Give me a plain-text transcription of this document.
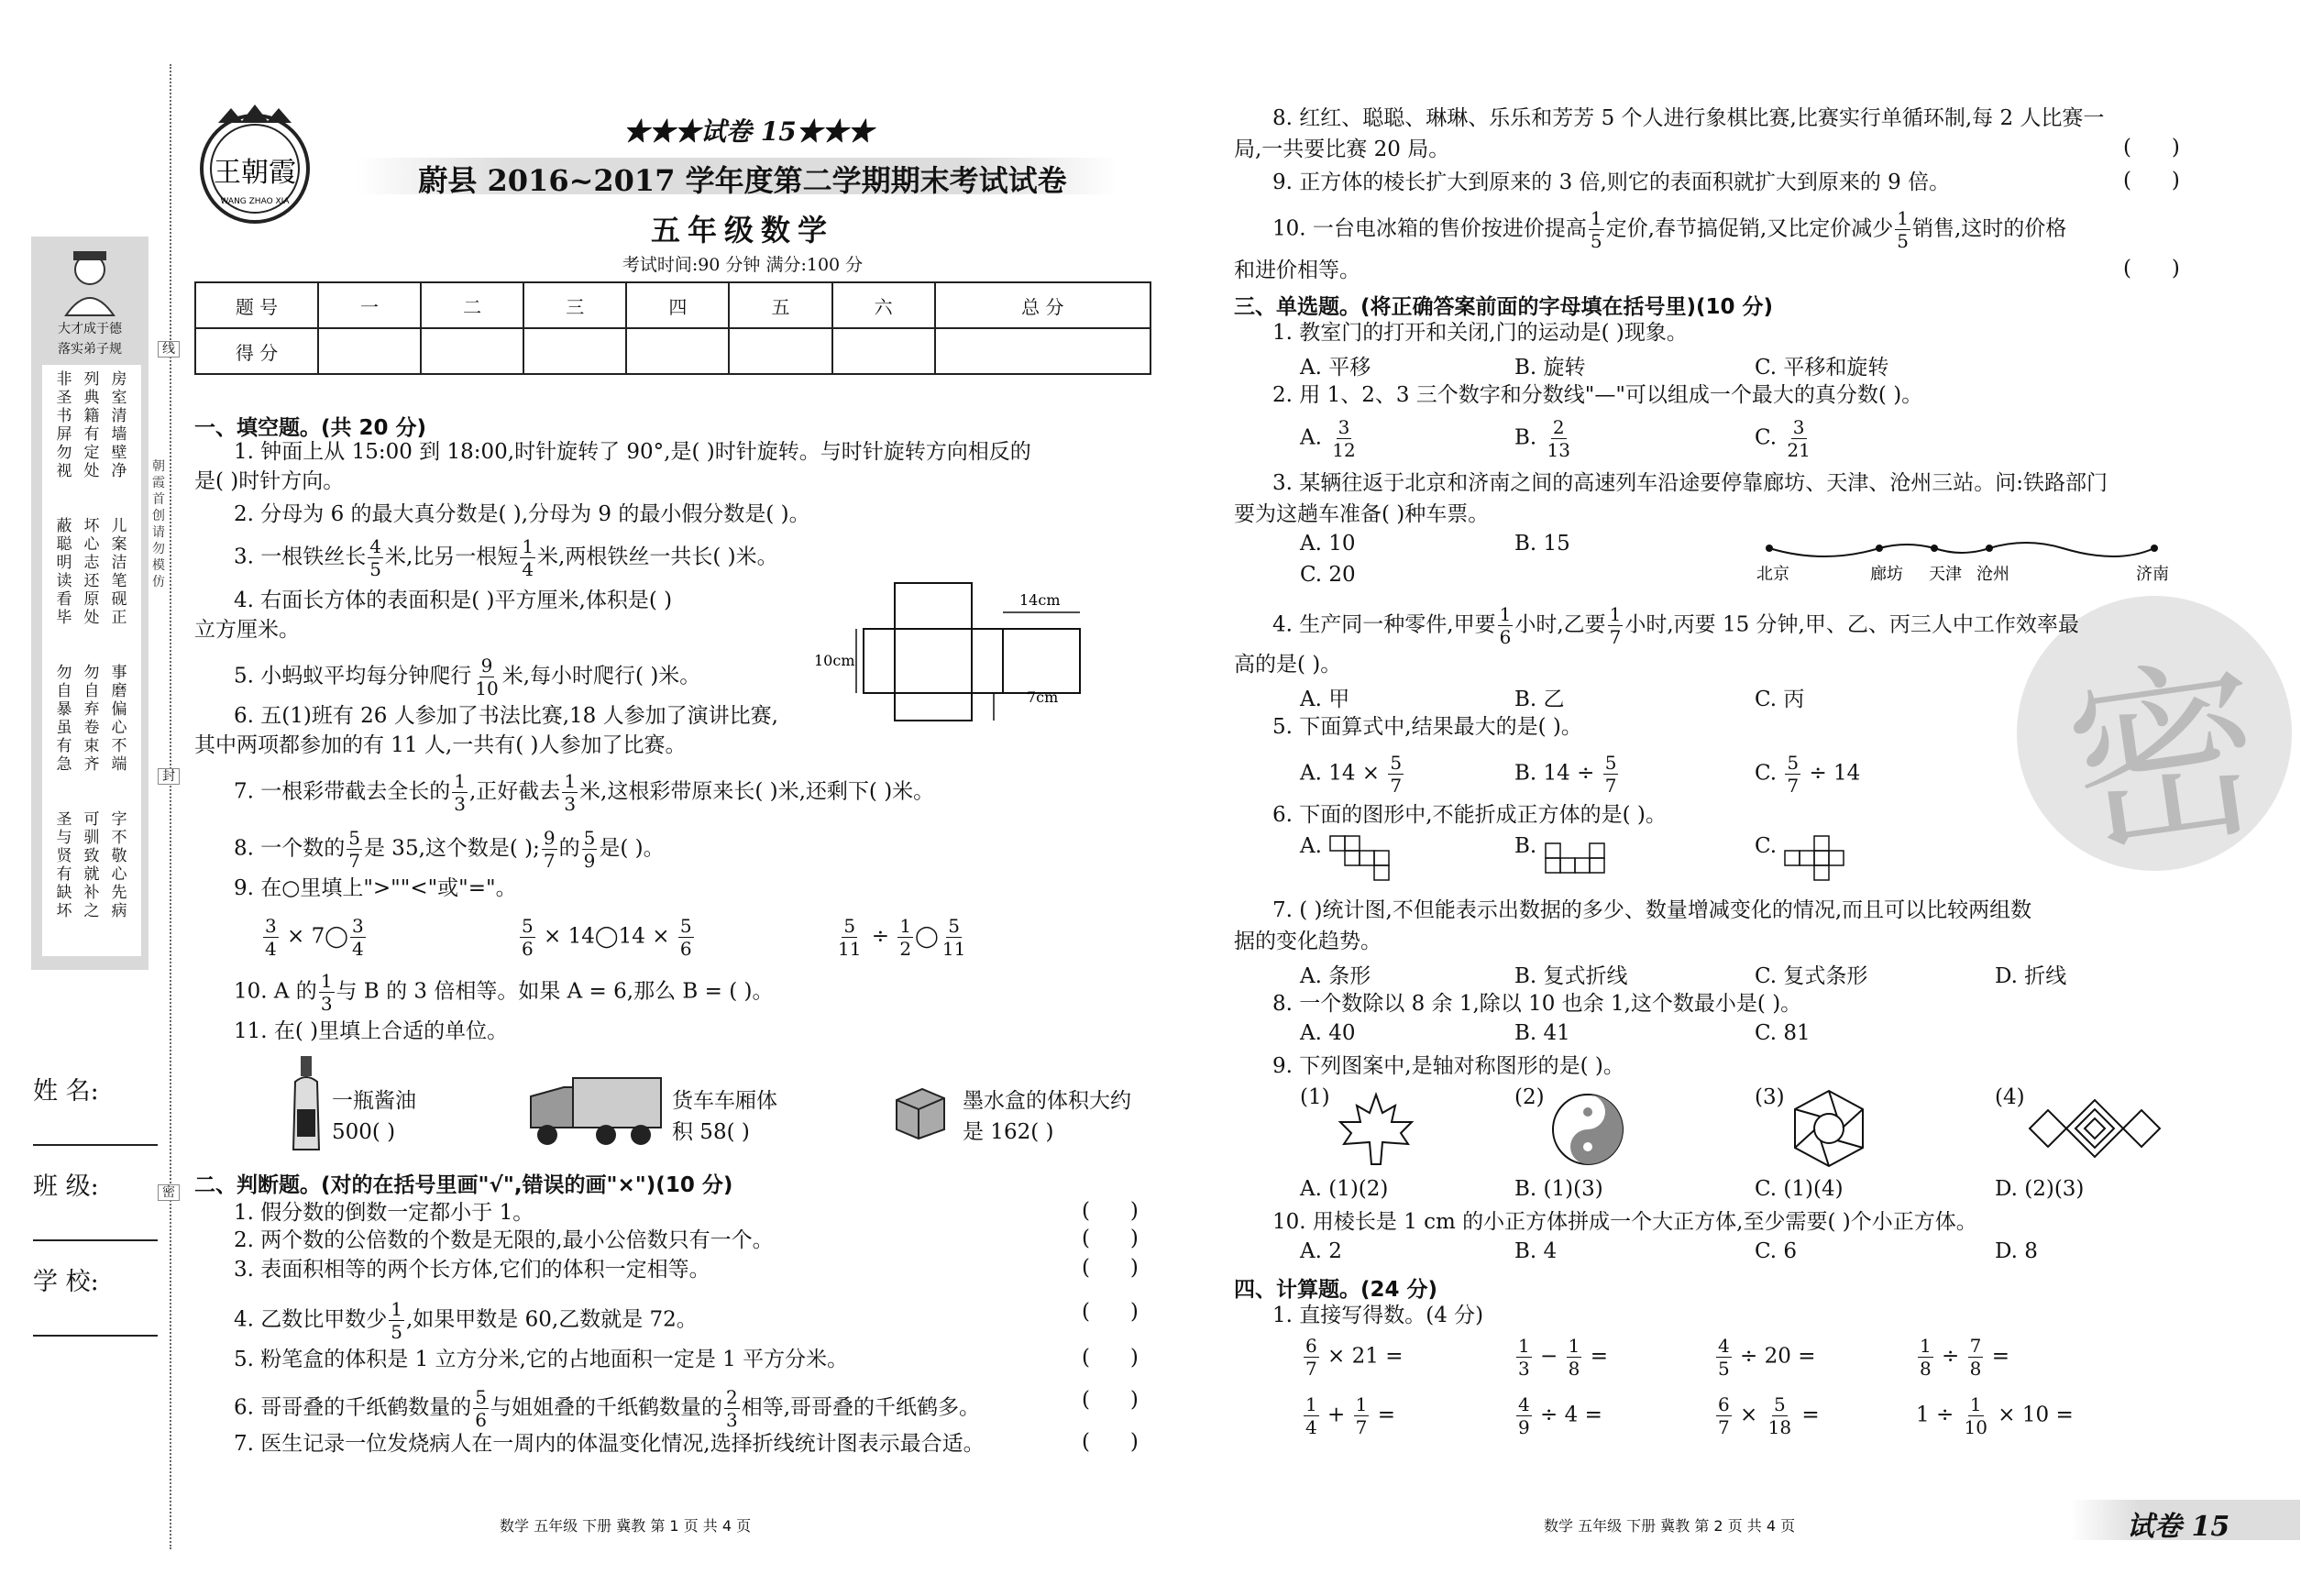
线
封
密
朝霞首创 请勿模仿
大才成于德
落实弟子规
非圣书屏勿视
列典籍有定处
房室清墙壁净
蔽聪明读看毕
坏心志还原处
儿案洁笔砚正
勿自暴虽有急
勿自弃卷束齐
事磨偏心不端
圣与贤有缺坏
可驯致就补之
字不敬心先病
姓 名:
班 级:
学 校:
王朝霞
WANG ZHAO XIA
★★★试卷 15★★★
蔚县 2016~2017 学年度第二学期期末考试试卷
五年级数学
考试时间:90 分钟 满分:100 分
题 号	一	二	三	四	五	六	总 分
得 分							
一、填空题。(共 20 分)
1. 钟面上从 15:00 到 18:00,时针旋转了 90°,是( )时针旋转。与时针旋转方向相反的
是( )时针方向。
2. 分母为 6 的最大真分数是( ),分母为 9 的最小假分数是( )。
3. 一根铁丝长 $\frac{4}{5}$ 米,比另一根短 $\frac{1}{4}$ 米,两根铁丝一共长( )米。
4. 右面长方体的表面积是( )平方厘米,体积是( )
立方厘米。
5. 小蚂蚁平均每分钟爬行 $\frac{9}{10}$ 米,每小时爬行( )米。
6. 五(1)班有 26 人参加了书法比赛,18 人参加了演讲比赛,
其中两项都参加的有 11 人,一共有( )人参加了比赛。
14cm
10cm
7cm
7. 一根彩带截去全长的 $\frac{1}{3}$ ,正好截去 $\frac{1}{3}$ 米,这根彩带原来长( )米,还剩下( )米。
8. 一个数的 $\frac{5}{7}$ 是 35,这个数是( ); $\frac{9}{7}$ 的 $\frac{5}{9}$ 是( )。
9. 在○里填上">""<"或"="。
$\frac{3}{4}$ × 7◯ $\frac{3}{4}$	$\frac{5}{6}$ × 14◯14 × $\frac{5}{6}$	$\frac{5}{11} \div \frac{1}{2}$ ◯ $\frac{5}{11}$
10. A 的 $\frac{1}{3}$ 与 B 的 3 倍相等。如果 A = 6,那么 B = ( )。
11. 在( )里填上合适的单位。
一瓶酱油
500( )
货车车厢体
积 58( )
墨水盒的体积大约
是 162( )
二、判断题。(对的在括号里画"√",错误的画"×")(10 分)
1. 假分数的倒数一定都小于 1。
2. 两个数的公倍数的个数是无限的,最小公倍数只有一个。
3. 表面积相等的两个长方体,它们的体积一定相等。
4. 乙数比甲数少 $\frac{1}{5}$ ,如果甲数是 60,乙数就是 72。
5. 粉笔盒的体积是 1 立方分米,它的占地面积一定是 1 平方分米。
6. 哥哥叠的千纸鹤数量的 $\frac{5}{6}$ 与姐姐叠的千纸鹤数量的 $\frac{2}{3}$ 相等,哥哥叠的千纸鹤多。
7. 医生记录一位发烧病人在一周内的体温变化情况,选择折线统计图表示最合适。
(      )
(      )
(      )
(      )
(      )
(      )
(      )
数学 五年级 下册 冀教 第 1 页 共 4 页
密
8. 红红、聪聪、琳琳、乐乐和芳芳 5 个人进行象棋比赛,比赛实行单循环制,每 2 人比赛一
局,一共要比赛 20 局。
9. 正方体的棱长扩大到原来的 3 倍,则它的表面积就扩大到原来的 9 倍。
10. 一台电冰箱的售价按进价提高 $\frac{1}{5}$ 定价,春节搞促销,又比定价减少 $\frac{1}{5}$ 销售,这时的价格
和进价相等。
(      )
(      )
(      )
三、单选题。(将正确答案前面的字母填在括号里)(10 分)
1. 教室门的打开和关闭,门的运动是( )现象。
A. 平移	B. 旋转	C. 平移和旋转
2. 用 1、2、3 三个数字和分数线"—"可以组成一个最大的真分数( )。
A. $\frac{3}{12}$	B. $\frac{2}{13}$	C. $\frac{3}{21}$
3. 某辆往返于北京和济南之间的高速列车沿途要停靠廊坊、天津、沧州三站。问:铁路部门
要为这趟车准备( )种车票。
A. 10	B. 15
C. 20	北京	廊坊 天津 沧州	济南
4. 生产同一种零件,甲要 $\frac{1}{6}$ 小时,乙要 $\frac{1}{7}$ 小时,丙要 15 分钟,甲、乙、丙三人中工作效率最
高的是( )。
A. 甲	B. 乙	C. 丙
5. 下面算式中,结果最大的是( )。
A. $14 \times \frac{5}{7}$	B. $14 \div \frac{5}{7}$	C. $\frac{5}{7} \div 14$
6. 下面的图形中,不能折成正方体的是( )。
A.	B.	C.
7. ( )统计图,不但能表示出数据的多少、数量增减变化的情况,而且可以比较两组数
据的变化趋势。
A. 条形	B. 复式折线	C. 复式条形	D. 折线
8. 一个数除以 8 余 1,除以 10 也余 1,这个数最小是( )。
A. 40	B. 41	C. 81
9. 下列图案中,是轴对称图形的是( )。
(1)	(2)	(3)	(4)
A. (1)(2)	B. (1)(3)	C. (1)(4)	D. (2)(3)
10. 用棱长是 1 cm 的小正方体拼成一个大正方体,至少需要( )个小正方体。
A. 2	B. 4	C. 6	D. 8
四、计算题。(24 分)
1. 直接写得数。(4 分)
$\frac{6}{7} \times 21$ =	$\frac{1}{3} - \frac{1}{8}$ =	$\frac{4}{5} \div 20$ =	$\frac{1}{8} \div \frac{7}{8}$ =
$\frac{1}{4} + \frac{1}{7}$ =	$\frac{4}{9} \div 4$ =	$\frac{6}{7} \times \frac{5}{18}$ =	$1 \div \frac{1}{10} \times 10$ =
数学 五年级 下册 冀教 第 2 页 共 4 页	试卷 15
